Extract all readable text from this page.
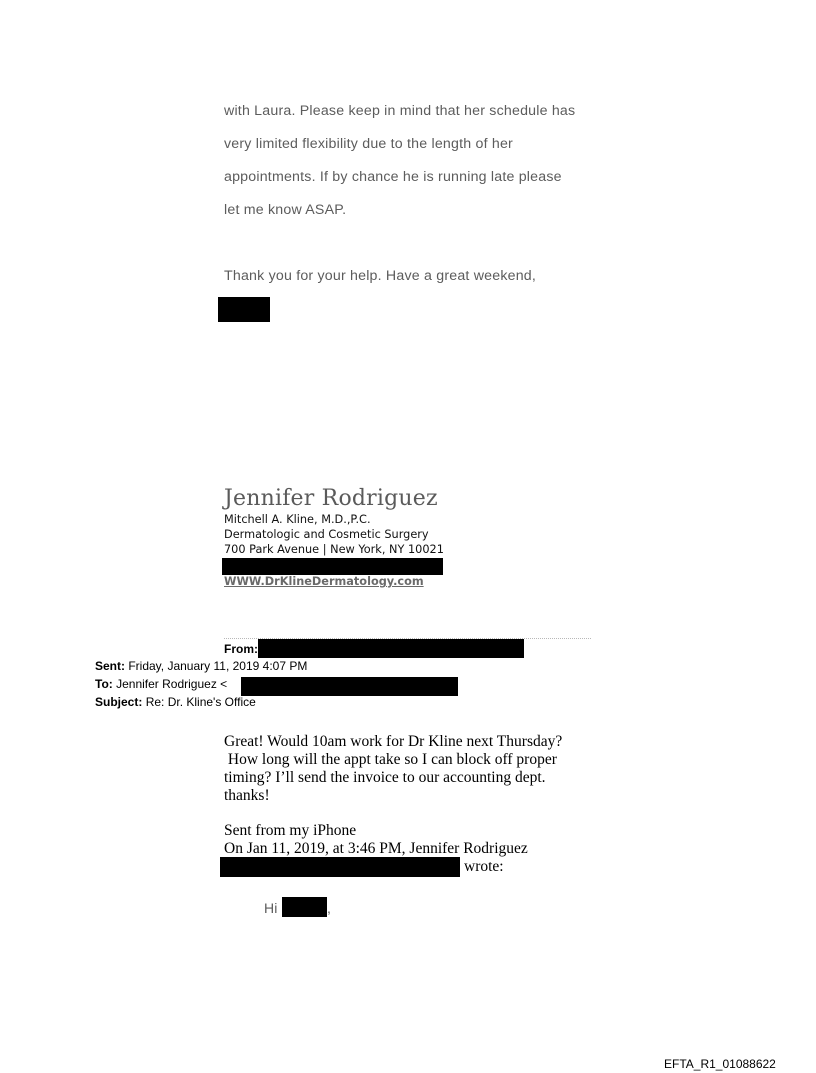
with Laura. Please keep in mind that her schedule has
very limited flexibility due to the length of her
appointments. If by chance he is running late please
let me know ASAP.
Thank you for your help. Have a great weekend,
Jennifer Rodriguez
Mitchell A. Kline, M.D.,P.C.
Dermatologic and Cosmetic Surgery
700 Park Avenue | New York, NY 10021
WWW.DrKlineDermatology.com
From:
Sent: Friday, January 11, 2019 4:07 PM
To: Jennifer Rodriguez <
Subject: Re: Dr. Kline's Office
Great! Would 10am work for Dr Kline next Thursday?
How long will the appt take so I can block off proper
timing? I’ll send the invoice to our accounting dept.
thanks!
Sent from my iPhone
On Jan 11, 2019, at 3:46 PM, Jennifer Rodriguez
wrote:
Hi	,
EFTA_R1_01088622
